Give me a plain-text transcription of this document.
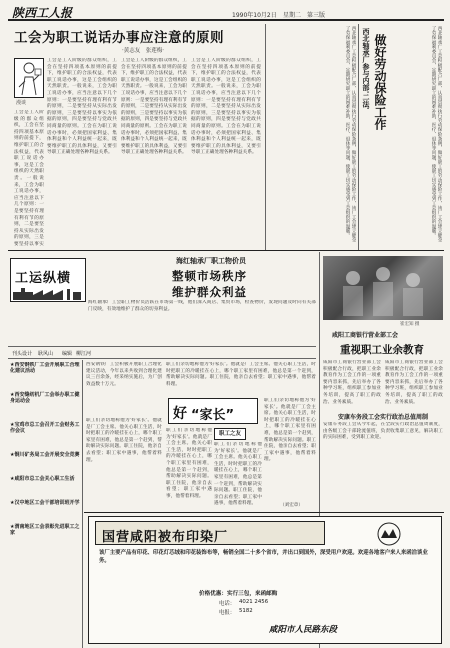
陕西工人报	1990年10月2日 星期二 第三版
工会为职工说话办事应注意的原则
·黄志友　张莲梅·
漫谈
工会是工人阶级的群众组织，工会在坚持四项基本原则的前提下，维护职工的合法权益，代表职工说话办事，这是工会组织的天然职责。一般说来，工会为职工说话办事，应当注意以下几个原则：一是要坚持有理有利有节的原则，二是要坚持从实际出发的原则，三是要坚持以事实为依据的原则，四是要坚持与党政共同商量的原则。工会在为职工说话办事时，必须把国家利益、集体利益和个人利益统一起来，既要维护职工的具体利益，又要引导职工正确处理各种利益关系。
工会是工人阶级的群众组织，工会在坚持四项基本原则的前提下，维护职工的合法权益，代表职工说话办事，这是工会组织的天然职责。一般说来，工会为职工说话办事，应当注意以下几个原则：一是要坚持有理有利有节的原则，二是要坚持从实际出发的原则，三是要坚持以事实为依据的原则，四是要坚持与党政共同商量的原则。工会在为职工说话办事时，必须把国家利益、集体利益和个人利益统一起来，既要维护职工的具体利益，又要引导职工正确处理各种利益关系。
工会是工人阶级的群众组织，工会在坚持四项基本原则的前提下，维护职工的合法权益，代表职工说话办事，这是工会组织的天然职责。一般说来，工会为职工说话办事，应当注意以下几个原则：一是要坚持有理有利有节的原则，二是要坚持从实际出发的原则，三是要坚持以事实为依据的原则，四是要坚持与党政共同商量的原则。工会在为职工说话办事时，必须把国家利益、集体利益和个人利益统一起来，既要维护职工的具体利益，又要引导职工正确处理各种利益关系。
工会是工人阶级的群众组织，工会在坚持四项基本原则的前提下，维护职工的合法权益，代表职工说话办事，这是工会组织的天然职责。一般说来，工会为职工说话办事，应当注意以下几个原则：一是要坚持有理有利有节的原则，二是要坚持从实际出发的原则，三是要坚持以事实
西北轴承厂工会积极配合厂部，认真贯彻执行劳动保险条例，做好职工的劳动保险工作，该厂工会建立健全了劳保福利委员会，定期研究职工的困难补助、医疗、退休等问题，使职工切实感受到工会组织的温暖。	西北轴承厂参与内部'二法' 做好劳动保险工作	西北轴承厂工会积极配合厂部，认真贯彻执行劳动保险条例，做好职工的劳动保险工作，该厂工会建立健全了劳保福利委员会，定期研究职工的困难补助、医疗、退休等问题，使职工切实感受到工会组织的温暖。
工运纵横
海红轴承厂职工物价员
整顿市场秩序
维护群众利益
海红轴承厂工会职工物价员活跃在市场第一线，他们深入商店、集贸市场，检查物价，发现问题及时向有关部门反映，有效地维护了群众的切身利益。
崔宏知 摄
咸阳工商银行营业部工会
重视职工业余教育
咸阳市工商银行营业部工会积极配合行政，把职工业余教育作为工会工作的一项重要内容来抓，先后举办了各种学习班，组织职工参加业务培训，提高了职工的政治、业务素质。
咸阳市工商银行营业部工会积极配合行政，把职工业余教育作为工会工作的一项重要内容来抓，先后举办了各种学习班，组织职工参加业务培训，提高了职工的政治、业务素质。
刊头设计 耿风山 编辑 柳江河
★西安钢铁厂工会开展职工合理化建议活动
★西安缝纫机厂工会举办职工健身运动会
★宝鸡市总工会召开工会财务工作会议
★铜川矿务局工会开展安全竞赛
★咸阳市总工会关心职工生活
★汉中地区工会干部培训班开学
★渭南地区工会表彰先进职工之家
西安钢铁厂工会积极开展职工合理化建议活动，今年以来共收到合理化建议三百余条，经采纳实施后，为厂创效益数十万元。
职工们亲切地称他为'好家长'。他就是厂工会主席。他关心职工生活，时时把职工的冷暖挂在心上，哪个职工家里有困难，他总是第一个赶到，帮助解决实际问题。职工住院，他亲自去看望；职工家中遇事，他帮着料理。
好 “家长”
职工之友
职工们亲切地称他为'好家长'。他就是厂工会主席。他关心职工生活，时时把职工的冷暖挂在心上，哪个职工家里有困难，他总是第一个赶到，帮助解决实际问题。职工住院，他亲自去看望；职工家中遇事，他帮着料理。
职工们亲切地称他为'好家长'。他就是厂工会主席。他关心职工生活，时时把职工的冷暖挂在心上，哪个职工家里有困难，他总是第一个赶到，帮助解决实际问题。职工住院，他亲自去看望；职工家中遇事，他帮着料理。
职工们亲切地称他为'好家长'。他就是厂工会主席。他关心职工生活，时时把职工的冷暖挂在心上，哪个职工家里有困难，他总是第一个赶到，帮助解决实际问题。职工住院，他亲自去看望；职工家中遇事，他帮着料理。
职工们亲切地称他为'好家长'。他就是厂工会主席。他关心职工生活，时时把职工的冷暖挂在心上，哪个职工家里有困难，他总是第一个赶到，帮助解决实际问题。职工住院，他亲自去看望；职工家中遇事，他帮着料理。
（刘宏章）
安康车务段工会实行政治总值周制
安康车务段工会从今年起，在全段实行政治总值周制度，由各级工会干部轮流值班，负责收集职工意见，解决职工的实际困难，受到职工欢迎。
国营咸阳被布印染厂
该厂主要产品有印花、印花灯芯绒和印花装饰布等，畅销全国二十多个省市，并出口到国外，深受用户欢迎。欢迎各地客户来人来函洽谈业务。
价格优惠：实行三包，来函邮购
电话： 4021 2456
电报： 5182
咸阳市人民路东段
